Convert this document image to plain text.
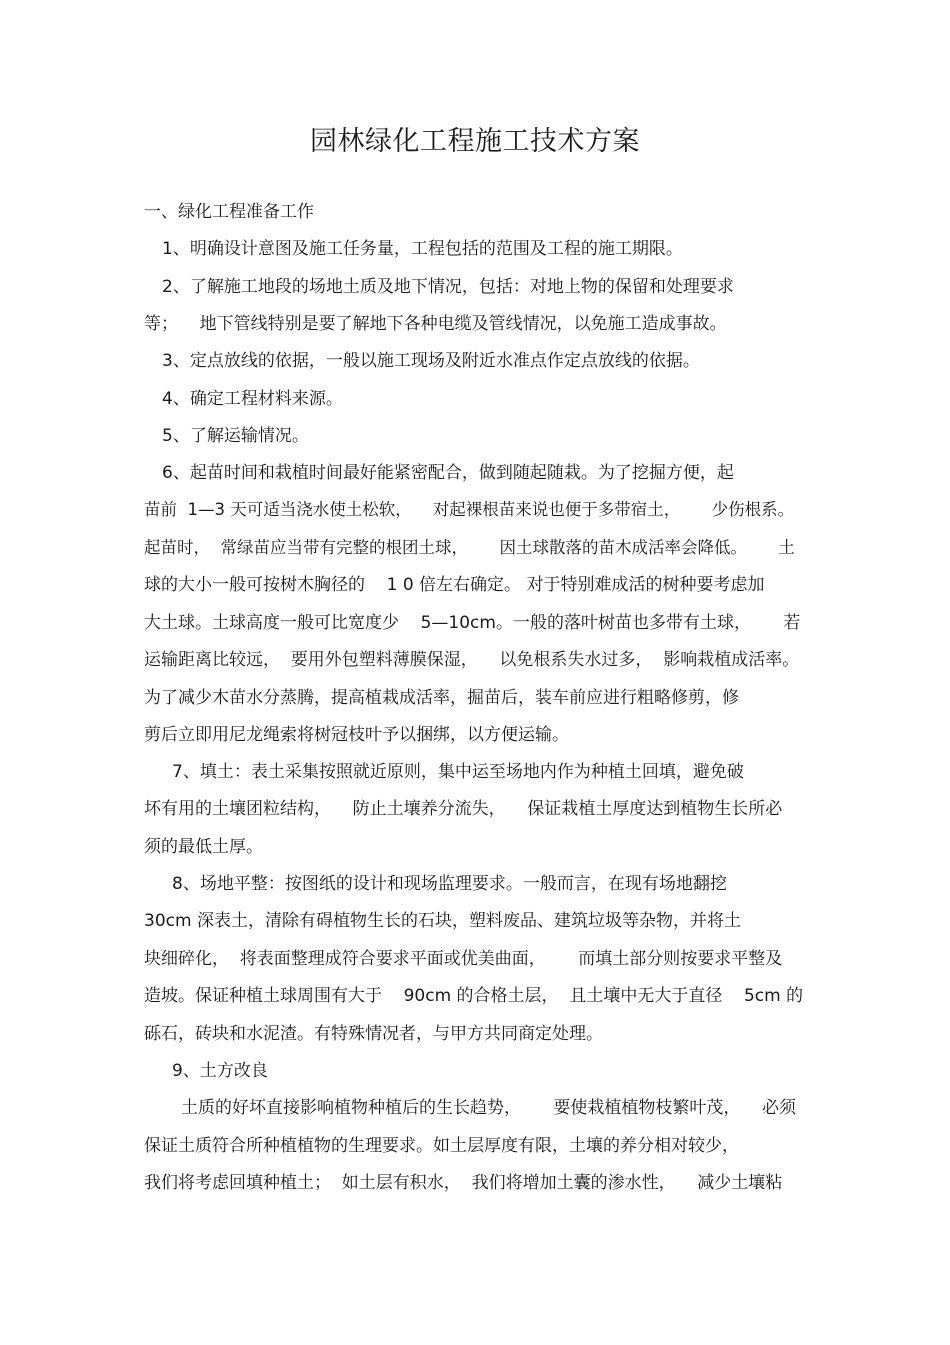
园林绿化工程施工技术方案
一、绿化工程准备工作
1、明确设计意图及施工任务量，工程包括的范围及工程的施工期限。
2、了解施工地段的场地土质及地下情况，包括：对地上物的保留和处理要求
等；    地下管线特别是要了解地下各种电缆及管线情况，以免施工造成事故。
3、定点放线的依据，一般以施工现场及附近水准点作定点放线的依据。
4、确定工程材料来源。
5、了解运输情况。
6、起苗时间和栽植时间最好能紧密配合，做到随起随栽。为了挖掘方便，起
苗前  1—3 天可适当浇水使土松软，    对起裸根苗来说也便于多带宿土，      少伤根系。
起苗时，  常绿苗应当带有完整的根团土球，      因土球散落的苗木成活率会降低。      土
球的大小一般可按树木胸径的    1 0 倍左右确定。 对于特别难成活的树种要考虑加
大土球。土球高度一般可比宽度少    5—10cm。一般的落叶树苗也多带有土球，      若
运输距离比较远，  要用外包塑料薄膜保湿，    以免根系失水过多，  影响栽植成活率。
为了减少木苗水分蒸腾，提高植栽成活率，掘苗后，装车前应进行粗略修剪，修
剪后立即用尼龙绳索将树冠枝叶予以捆绑，以方便运输。
7、填土：表土采集按照就近原则，集中运至场地内作为种植土回填，避免破
坏有用的土壤团粒结构，    防止土壤养分流失，    保证栽植土厚度达到植物生长所必
须的最低土厚。
8、场地平整：按图纸的设计和现场监理要求。一般而言，在现有场地翻挖
30cm 深表土，清除有碍植物生长的石块，塑料废品、建筑垃圾等杂物，并将土
块细碎化，  将表面整理成符合要求平面或优美曲面，      而填土部分则按要求平整及
造坡。保证种植土球周围有大于    90cm 的合格土层，  且土壤中无大于直径    5cm 的
砾石，砖块和水泥渣。有特殊情况者，与甲方共同商定处理。
9、土方改良
土质的好坏直接影响植物种植后的生长趋势，      要使栽植植物枝繁叶茂，    必须
保证土质符合所种植植物的生理要求。如土层厚度有限，土壤的养分相对较少，
我们将考虑回填种植土；  如土层有积水，  我们将增加土囊的渗水性，    减少土壤粘
